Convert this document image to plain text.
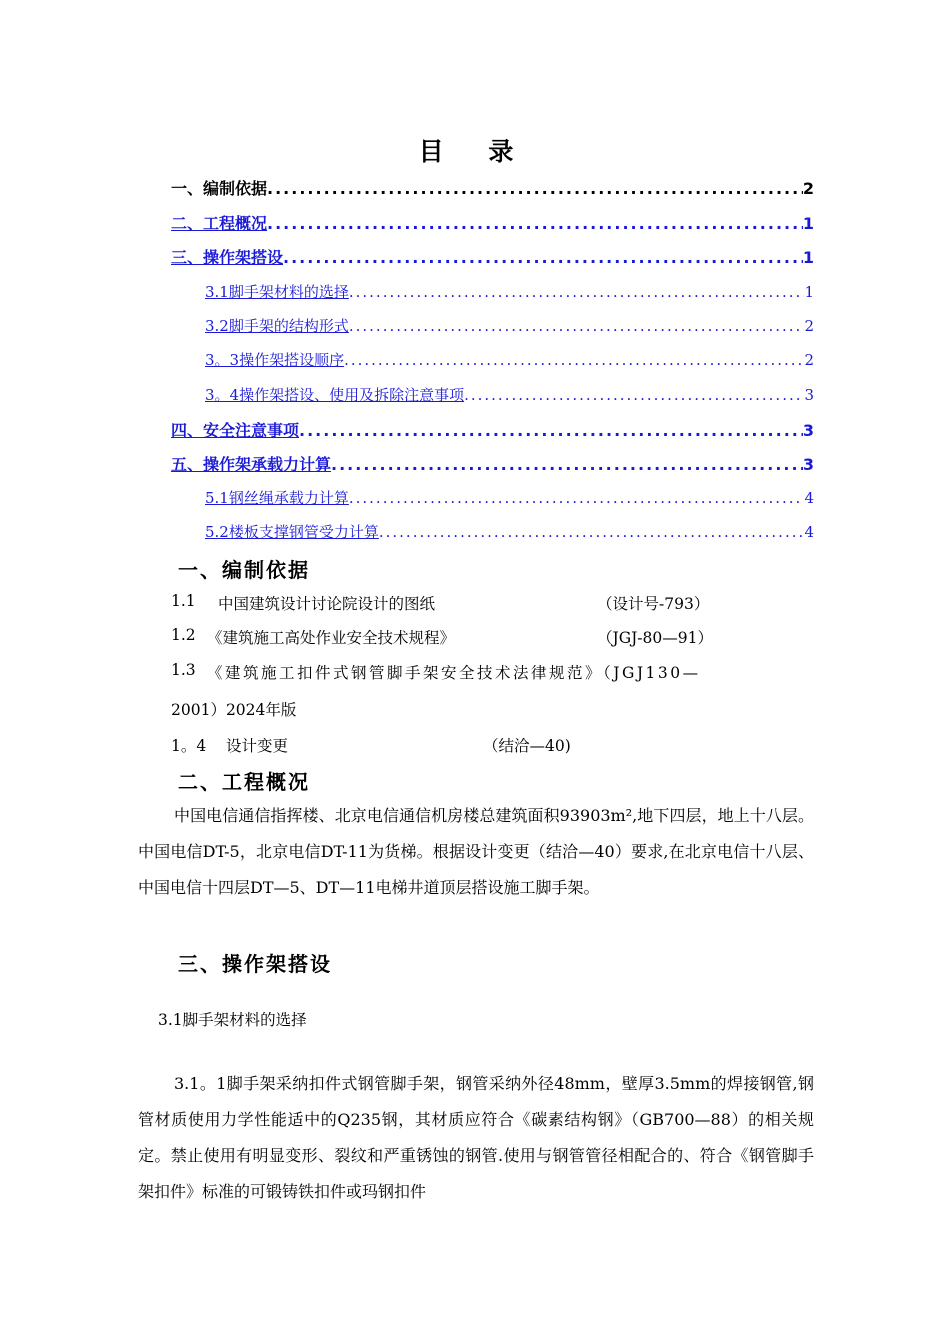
目 录
一、编制依据 .....	2
二、工程概况 .....	1
三、操作架搭设 .....	1
3.1脚手架材料的选择 .....	1
3.2脚手架的结构形式 .....	2
3。3操作架搭设顺序 .....	2
3。4操作架搭设、使用及拆除注意事项 .....	3
四、安全注意事项 .....	3
五、操作架承载力计算 .....	3
5.1钢丝绳承载力计算 .....	4
5.2楼板支撑钢管受力计算 .....	4
一、编制依据
1.1 中国建筑设计讨论院设计的图纸	（设计号-793）
1.2 《建筑施工高处作业安全技术规程》	（JGJ-80—91）
1.3 《建筑施工扣件式钢管脚手架安全技术法律规范》（JGJ130—
2001）2024年版
1。4 设计变更	（结洽—40)
二、工程概况

中国电信通信指挥楼、北京电信通信机房楼总建筑面积93903m²,地下四层，地上十八层。中国电信DT-5，北京电信DT-11为货梯。根据设计变更（结洽—40）要求,在北京电信十八层、中国电信十四层DT—5、DT—11电梯井道顶层搭设施工脚手架。

三、操作架搭设
3.1脚手架材料的选择

3.1。1脚手架采纳扣件式钢管脚手架，钢管采纳外径48mm，壁厚3.5mm的焊接钢管,钢管材质使用力学性能适中的Q235钢，其材质应符合《碳素结构钢》（GB700—88）的相关规定。禁止使用有明显变形、裂纹和严重锈蚀的钢管.使用与钢管管径相配合的、符合《钢管脚手架扣件》标准的可锻铸铁扣件或玛钢扣件
